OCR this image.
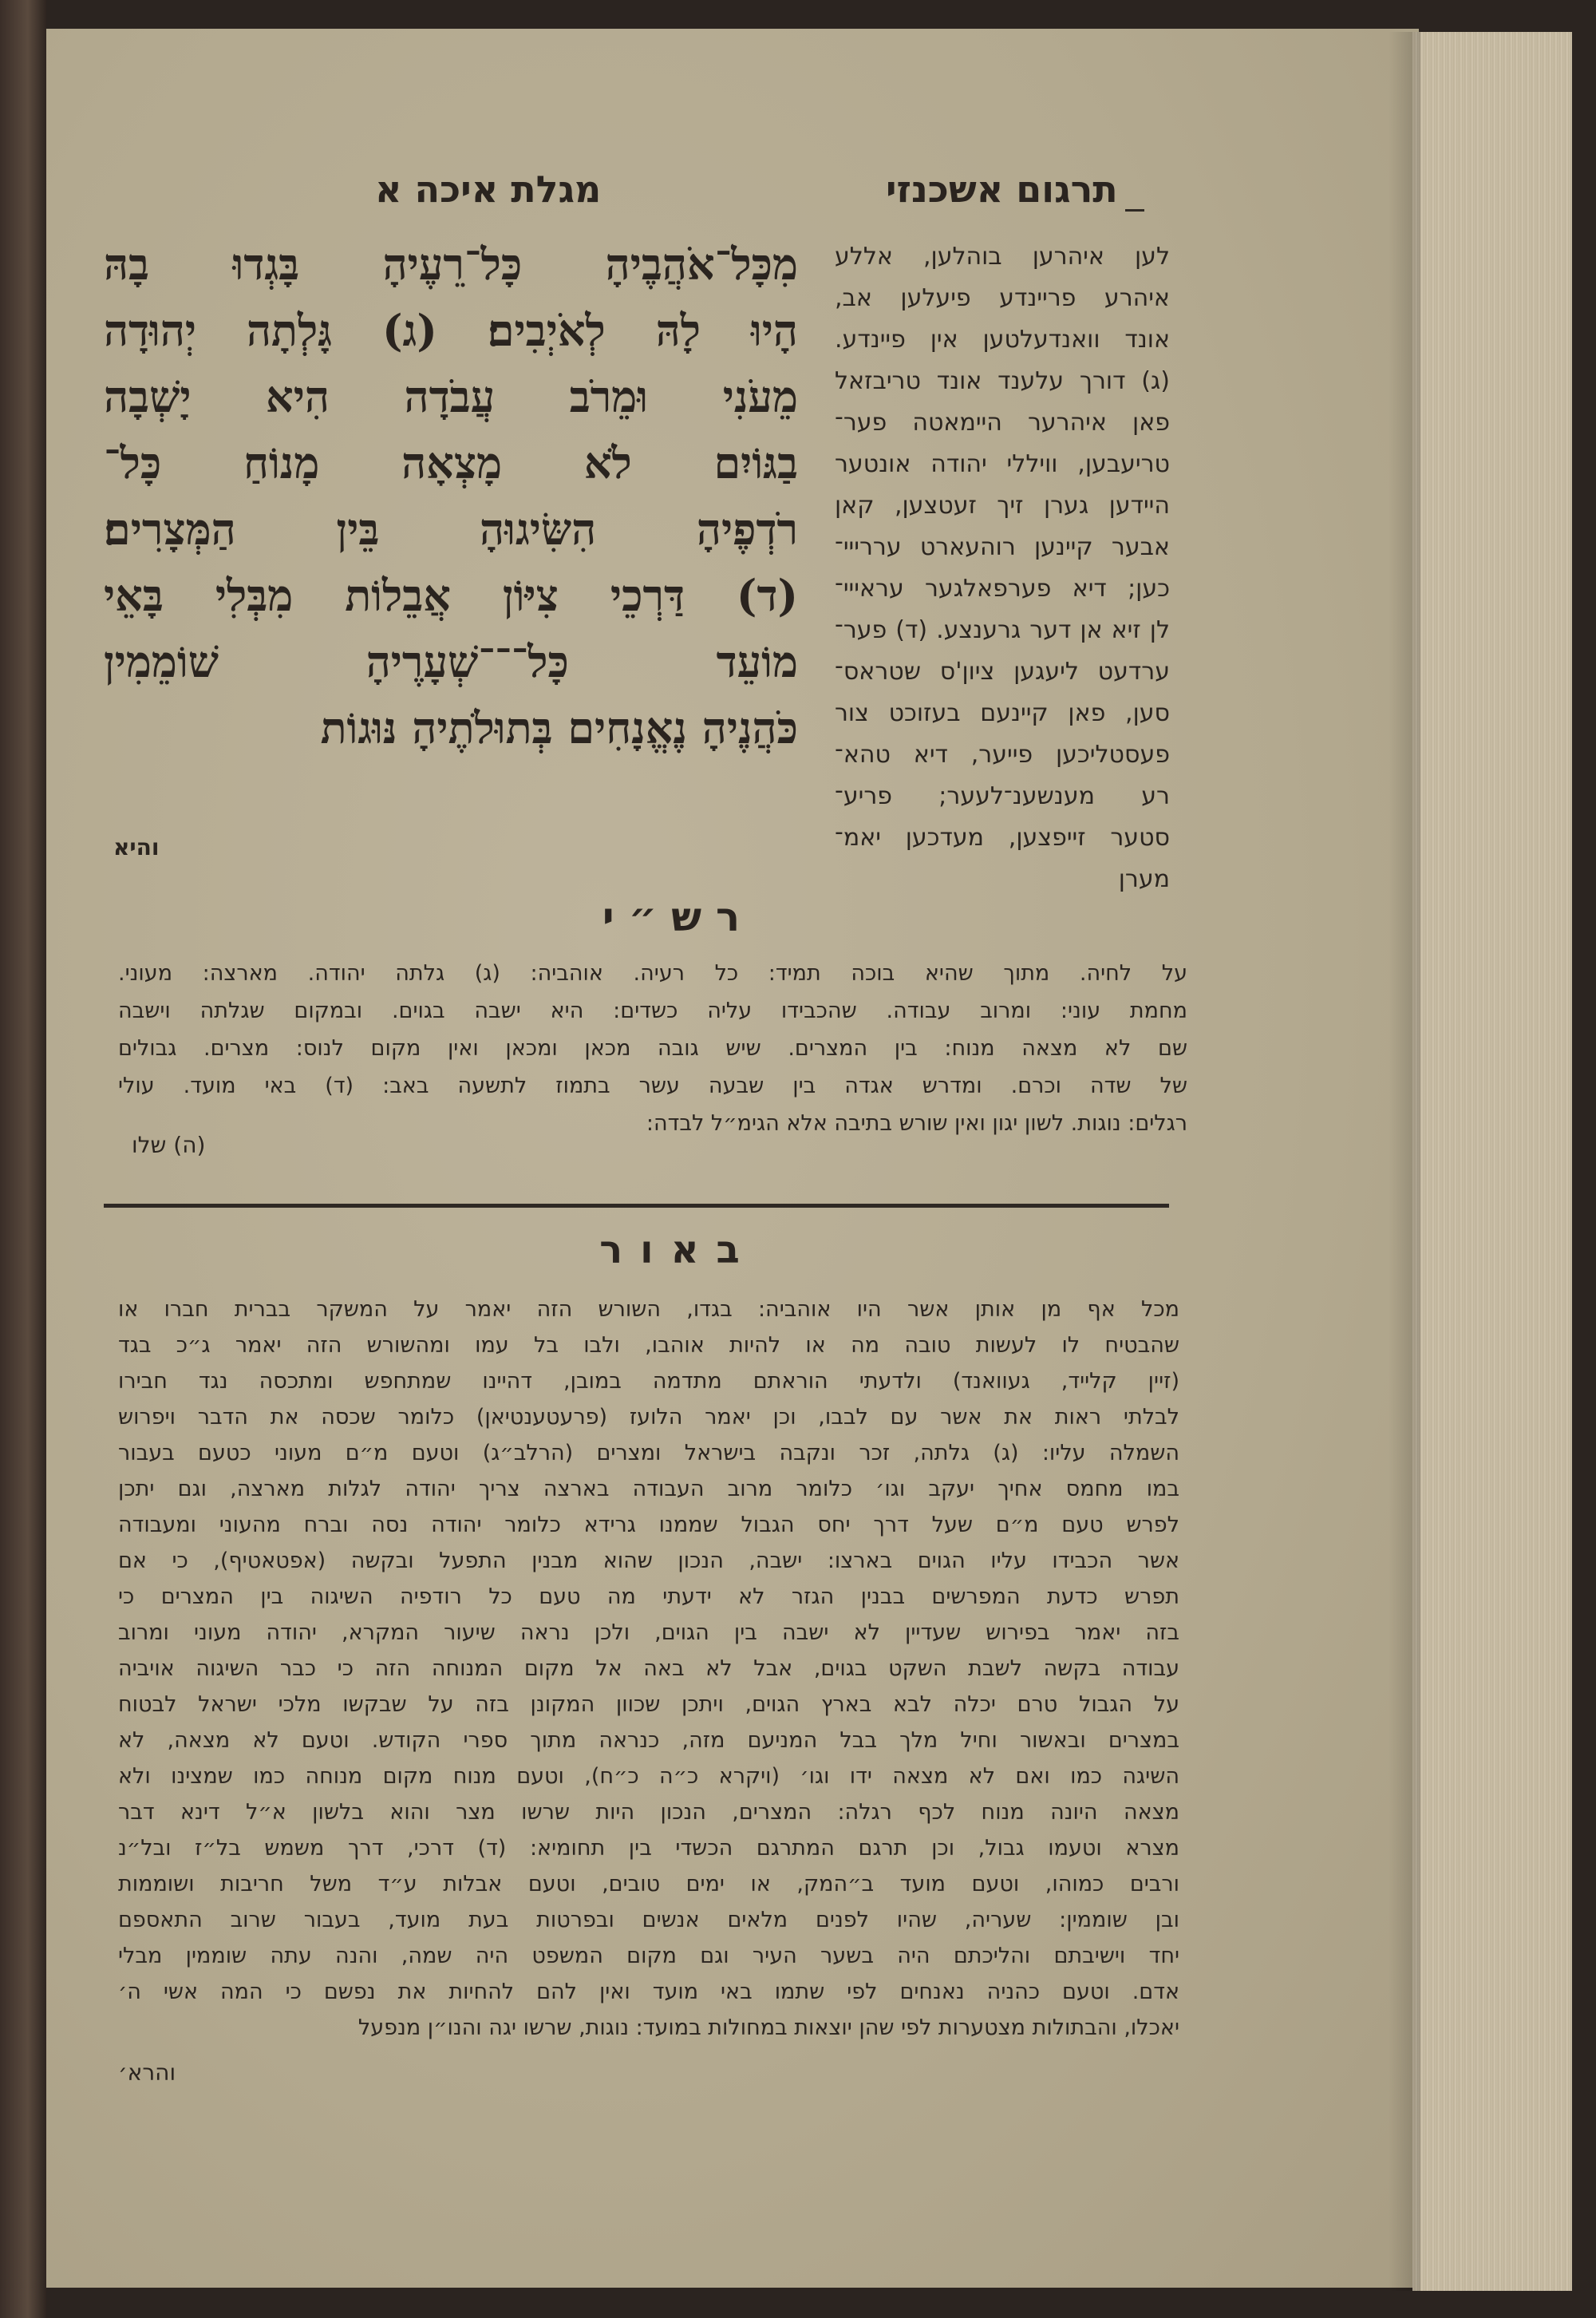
מגלת איכה א	תרגום אשכנזי
מִכָּל־אֹהֲבֶיהָ כָּל־רֵעֶיהָ בָּגְדוּ בָהּ
הָיוּ לָהּ לְאֹיְבִים׃ (ג) גָּלְתָה יְהוּדָה
מֵעֹנִי וּמֵרֹב עֲבֹדָה הִיא יָשְׁבָה
בַגּוֹיִם לֹא מָצְאָה מָנוֹחַ כָּל־
רֹדְפֶיהָ הִשִּׂיגוּהָ בֵּין הַמְּצָרִים׃
(ד) דַּרְכֵי צִיּוֹן אֲבֵלוֹת מִבְּלִי בָּאֵי
מוֹעֵד כָּל־־־שְׁעָרֶיהָ שׁוֹמֵמִין
כֹּהֲנֶיהָ נֶאֱנָחִים בְּתוּלֹתֶיהָ נּוּגוֹת
והיא
לען איהרען בוהלען, אללע
איהרע פריינדע פיעלען אב,
אונד וואנדעלטען אין פיינדע.
(ג) דורך עלענד אונד טריבזאל
פאן איהרער היימאטה פער־
טריעבען, וויללי יהודה אונטער
היידען גערן זיך זעטצען, קאן
אבער קיינען רוהעארט עררייי־
כען; דיא פערפאלגער עראייי־
לן זיא אן דער גרענצע. (ד) פער־
ערדעט ליעגען ציון'ס שטראס־
סען, פאן קיינעם בעזוכט צור
פעסטליכען פייער, דיא טהא־
רע מענשענ־לעער; פריע־
סטער זייפצען, מעדכען יאמ־
מערן
רש״י
על לחיה. מתוך שהיא בוכה תמיד: כל רעיה. אוהביה: (ג) גלתה יהודה. מארצה: מעוני.
מחמת עוני: ומרוב עבודה. שהכבידו עליה כשדים: היא ישבה בגוים. ובמקום שגלתה וישבה
שם לא מצאה מנוח: בין המצרים. שיש גובה מכאן ומכאן ואין מקום לנוס: מצרים. גבולים
של שדה וכרם. ומדרש אגדה בין שבעה עשר בתמוז לתשעה באב: (ד) באי מועד. עולי
רגלים: נוגות. לשון יגון ואין שורש בתיבה אלא הגימ״ל לבדה:
(ה) שלו
באור
מכל אף מן אותן אשר היו אוהביה: בגדו, השורש הזה יאמר על המשקר בברית חברו או
שהבטיח לו לעשות טובה מה או להיות אוהבו, ולבו בל עמו ומהשורש הזה יאמר ג״כ בגד
(זיין קלייד, געוואנד) ולדעתי הוראתם מתדמה במובן, דהיינו שמתחפש ומתכסה נגד חבירו
לבלתי ראות את אשר עם לבבו, וכן יאמר הלועז (פרעטענטיאן) כלומר שכסה את הדבר ויפרוש
השמלה עליו: (ג) גלתה, זכר ונקבה בישראל ומצרים (הרלב״ג) וטעם מ״ם מעוני כטעם בעבור
במו מחמס אחיך יעקב וגו׳ כלומר מרוב העבודה בארצה צריך יהודה לגלות מארצה, וגם יתכן
לפרש טעם מ״ם שעל דרך יחס הגבול שממנו גרידא כלומר יהודה נסה וברח מהעוני ומעבודה
אשר הכבידו עליו הגוים בארצו: ישבה, הנכון שהוא מבנין התפעל ובקשה (אפטאטיף), כי אם
תפרש כדעת המפרשים בבנין הגזר לא ידעתי מה טעם כל רודפיה השיגוה בין המצרים כי
בזה יאמר בפירוש שעדיין לא ישבה בין הגוים, ולכן נראה שיעור המקרא, יהודה מעוני ומרוב
עבודה בקשה לשבת השקט בגוים, אבל לא באה אל מקום המנוחה הזה כי כבר השיגוה אויביה
על הגבול טרם יכלה לבא בארץ הגוים, ויתכן שכוון המקונן בזה על שבקשו מלכי ישראל לבטוח
במצרים ובאשור וחיל מלך בבל המניעם מזה, כנראה מתוך ספרי הקודש. וטעם לא מצאה, לא
השיגה כמו ואם לא מצאה ידו וגו׳ (ויקרא כ״ה כ״ח), וטעם מנוח מקום מנוחה כמו שמצינו ולא
מצאה היונה מנוח לכף רגלה: המצרים, הנכון היות שרשו מצר והוא בלשון א״ל דינא דבר
מצרא וטעמו גבול, וכן תרגם המתרגם הכשדי בין תחומיא: (ד) דרכי, דרך משמש בל״ז ובל״נ
ורבים כמוהו, וטעם מועד ב״המק, או ימים טובים, וטעם אבלות ע״ד משל חריבות ושוממות
ובן שוממין: שעריה, שהיו לפנים מלאים אנשים ובפרטות בעת מועד, בעבור שרוב התאספם
יחד וישיבתם והליכתם היה בשער העיר וגם מקום המשפט היה שמה, והנה עתה שוממין מבלי
אדם. וטעם כהניה נאנחים לפי שתמו באי מועד ואין להם להחיות את נפשם כי המה אשי ה׳
יאכלו, והבתולות מצטערות לפי שהן יוצאות במחולות במועד: נוגות, שרשו יגה והנו״ן מנפעל
והרא׳
